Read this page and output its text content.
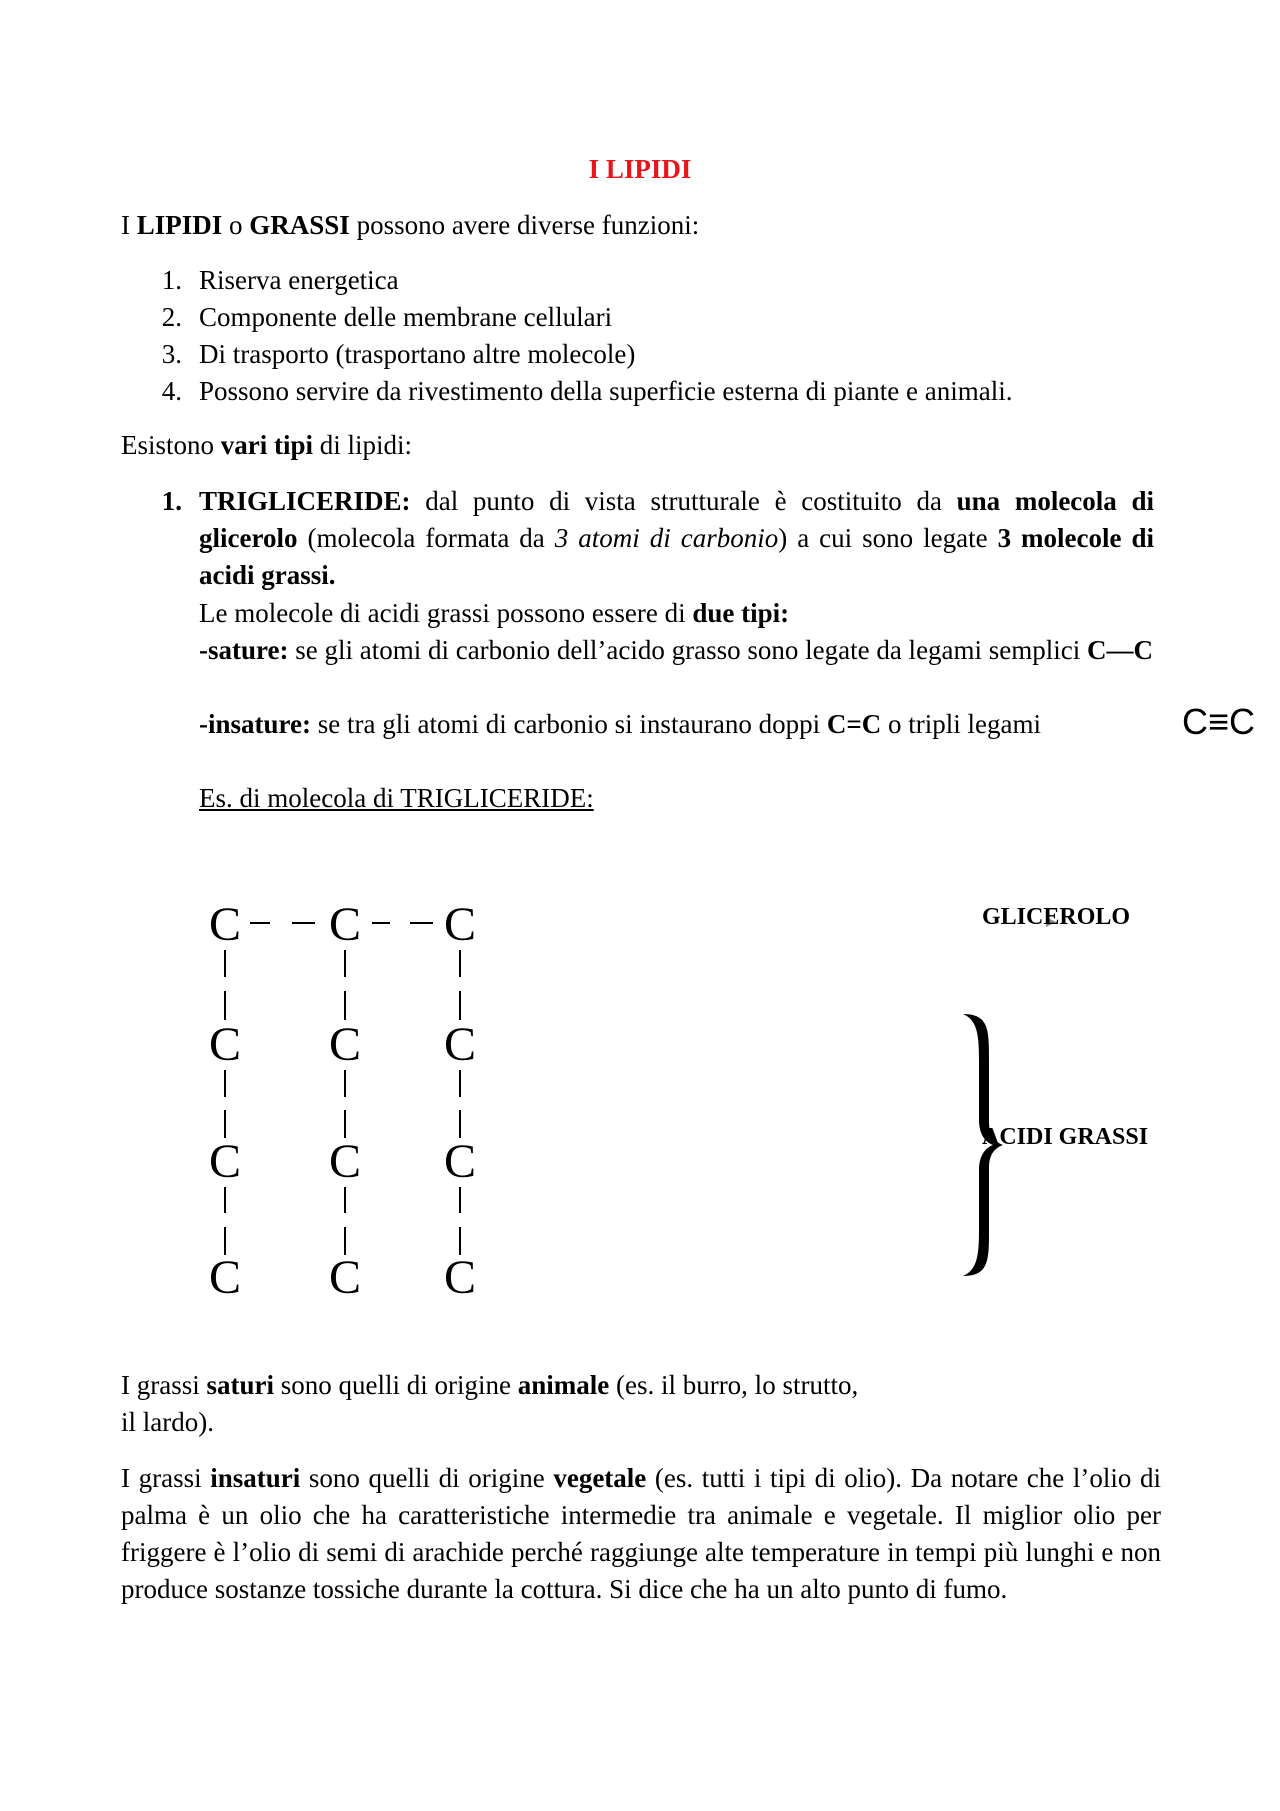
I LIPIDI
I LIPIDI o GRASSI possono avere diverse funzioni:
1. Riserva energetica
2. Componente delle membrane cellulari
3. Di trasporto (trasportano altre molecole)
4. Possono servire da rivestimento della superficie esterna di piante e animali.
Esistono vari tipi di lipidi:
1. TRIGLICERIDE: dal punto di vista strutturale è costituito da una molecola di glicerolo (molecola formata da 3 atomi di carbonio) a cui sono legate 3 molecole di acidi grassi.
Le molecole di acidi grassi possono essere di due tipi:
-sature: se gli atomi di carbonio dell’acido grasso sono legate da legami semplici C—C
-insature: se tra gli atomi di carbonio si instaurano doppi C=C o tripli legami	C≡C
Es. di molecola di TRIGLICERIDE:
C C C
C C C
C C C
C C C
GLICEROLO
ACIDI GRASSI
I grassi saturi sono quelli di origine animale (es. il burro, lo strutto,
il lardo).
I grassi insaturi sono quelli di origine vegetale (es. tutti i tipi di olio). Da notare che l’olio di palma è un olio che ha caratteristiche intermedie tra animale e vegetale. Il miglior olio per friggere è l’olio di semi di arachide perché raggiunge alte temperature in tempi più lunghi e non produce sostanze tossiche durante la cottura. Si dice che ha un alto punto di fumo.
